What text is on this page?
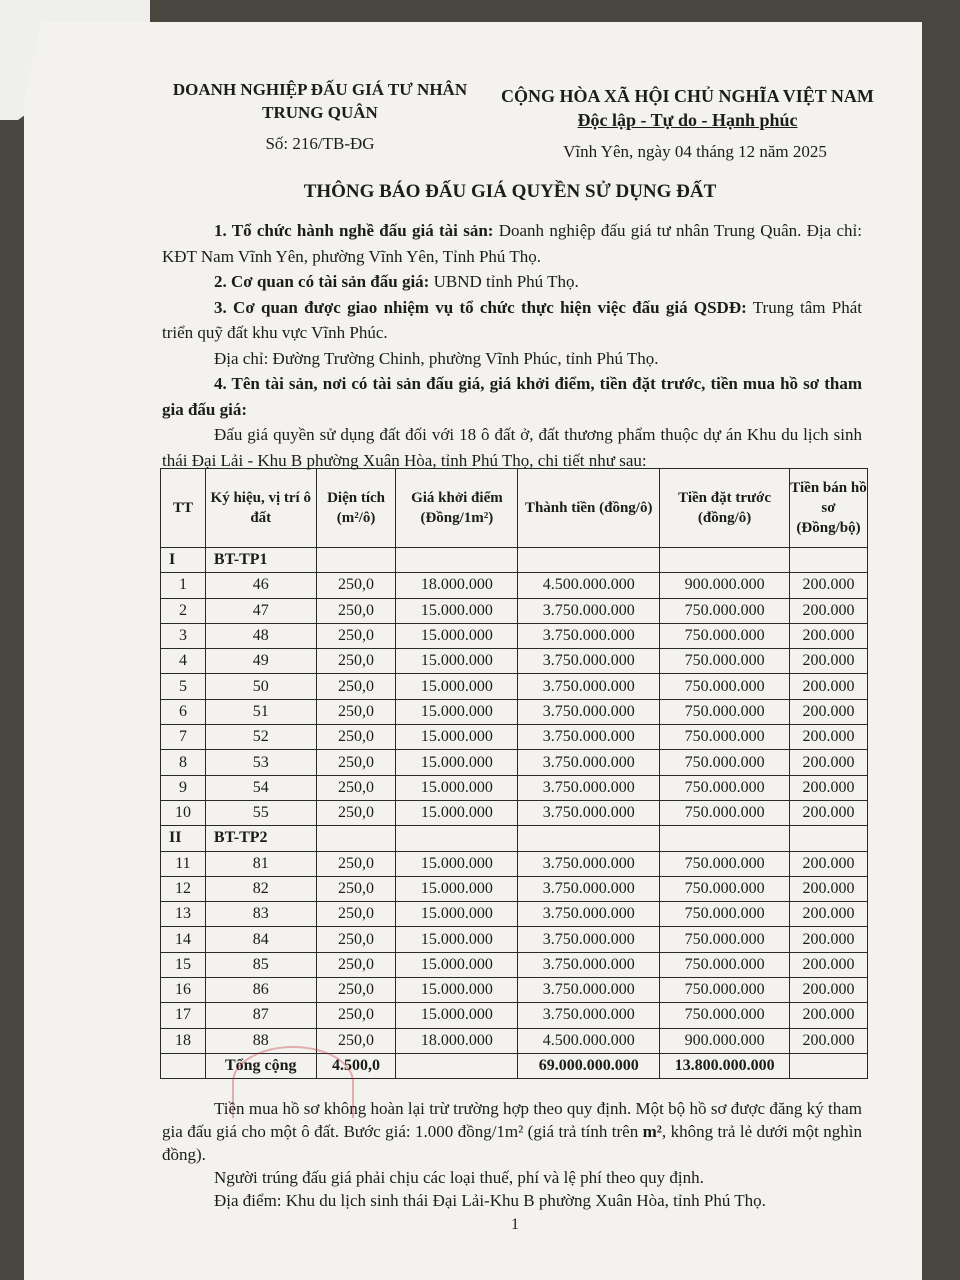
DOANH NGHIỆP ĐẤU GIÁ TƯ NHÂN
TRUNG QUÂN
Số: 216/TB-ĐG
CỘNG HÒA XÃ HỘI CHỦ NGHĨA VIỆT NAM
Độc lập - Tự do - Hạnh phúc
Vĩnh Yên, ngày 04 tháng 12 năm 2025
THÔNG BÁO ĐẤU GIÁ QUYỀN SỬ DỤNG ĐẤT

1. Tổ chức hành nghề đấu giá tài sản: Doanh nghiệp đấu giá tư nhân Trung Quân. Địa chỉ: KĐT Nam Vĩnh Yên, phường Vĩnh Yên, Tỉnh Phú Thọ.

2. Cơ quan có tài sản đấu giá: UBND tỉnh Phú Thọ.

3. Cơ quan được giao nhiệm vụ tổ chức thực hiện việc đấu giá QSDĐ: Trung tâm Phát triển quỹ đất khu vực Vĩnh Phúc.

Địa chỉ: Đường Trường Chinh, phường Vĩnh Phúc, tỉnh Phú Thọ.

4. Tên tài sản, nơi có tài sản đấu giá, giá khởi điểm, tiền đặt trước, tiền mua hồ sơ tham gia đấu giá:

Đấu giá quyền sử dụng đất đối với 18 ô đất ở, đất thương phẩm thuộc dự án Khu du lịch sinh thái Đại Lải - Khu B phường Xuân Hòa, tỉnh Phú Thọ, chi tiết như sau:

TT	Ký hiệu, vị trí ô đất	Diện tích (m²/ô)	Giá khởi điểm (Đồng/1m²)	Thành tiền (đồng/ô)	Tiền đặt trước (đồng/ô)	Tiền bán hồ sơ (Đồng/bộ)
I	BT-TP1					
1	46	250,0	18.000.000	4.500.000.000	900.000.000	200.000
2	47	250,0	15.000.000	3.750.000.000	750.000.000	200.000
3	48	250,0	15.000.000	3.750.000.000	750.000.000	200.000
4	49	250,0	15.000.000	3.750.000.000	750.000.000	200.000
5	50	250,0	15.000.000	3.750.000.000	750.000.000	200.000
6	51	250,0	15.000.000	3.750.000.000	750.000.000	200.000
7	52	250,0	15.000.000	3.750.000.000	750.000.000	200.000
8	53	250,0	15.000.000	3.750.000.000	750.000.000	200.000
9	54	250,0	15.000.000	3.750.000.000	750.000.000	200.000
10	55	250,0	15.000.000	3.750.000.000	750.000.000	200.000
II	BT-TP2					
11	81	250,0	15.000.000	3.750.000.000	750.000.000	200.000
12	82	250,0	15.000.000	3.750.000.000	750.000.000	200.000
13	83	250,0	15.000.000	3.750.000.000	750.000.000	200.000
14	84	250,0	15.000.000	3.750.000.000	750.000.000	200.000
15	85	250,0	15.000.000	3.750.000.000	750.000.000	200.000
16	86	250,0	15.000.000	3.750.000.000	750.000.000	200.000
17	87	250,0	15.000.000	3.750.000.000	750.000.000	200.000
18	88	250,0	18.000.000	4.500.000.000	900.000.000	200.000
	Tổng cộng	4.500,0		69.000.000.000	13.800.000.000	

Tiền mua hồ sơ không hoàn lại trừ trường hợp theo quy định. Một bộ hồ sơ được đăng ký tham gia đấu giá cho một ô đất. Bước giá: 1.000 đồng/1m² (giá trả tính trên m², không trả lẻ dưới một nghìn đồng).

Người trúng đấu giá phải chịu các loại thuế, phí và lệ phí theo quy định.

Địa điểm: Khu du lịch sinh thái Đại Lải-Khu B phường Xuân Hòa, tỉnh Phú Thọ.

1
